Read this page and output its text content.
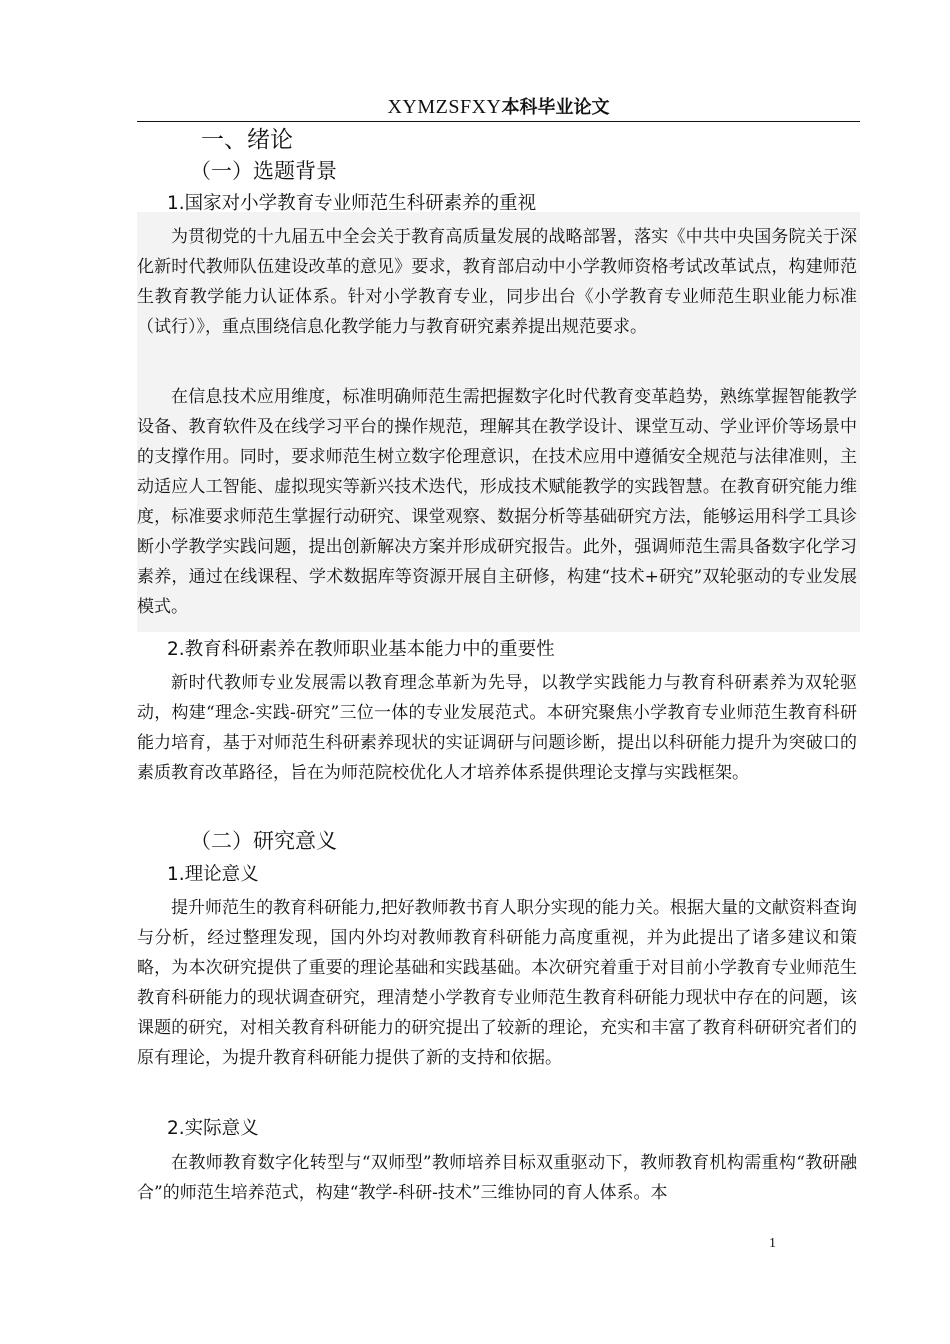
XYMZSFXY本科毕业论文
一、绪论
（一）选题背景
1.国家对小学教育专业师范生科研素养的重视

为贯彻党的十九届五中全会关于教育高质量发展的战略部署，落实《中共中央国务院关于深化新时代教师队伍建设改革的意见》要求，教育部启动中小学教师资格考试改革试点，构建师范生教育教学能力认证体系。针对小学教育专业，同步出台《小学教育专业师范生职业能力标准（试行）》，重点围绕信息化教学能力与教育研究素养提出规范要求。

在信息技术应用维度，标准明确师范生需把握数字化时代教育变革趋势，熟练掌握智能教学设备、教育软件及在线学习平台的操作规范，理解其在教学设计、课堂互动、学业评价等场景中的支撑作用。同时，要求师范生树立数字伦理意识，在技术应用中遵循安全规范与法律准则，主动适应人工智能、虚拟现实等新兴技术迭代，形成技术赋能教学的实践智慧。在教育研究能力维度，标准要求师范生掌握行动研究、课堂观察、数据分析等基础研究方法，能够运用科学工具诊断小学教学实践问题，提出创新解决方案并形成研究报告。此外，强调师范生需具备数字化学习素养，通过在线课程、学术数据库等资源开展自主研修，构建“技术+研究”双轮驱动的专业发展模式。

2.教育科研素养在教师职业基本能力中的重要性

新时代教师专业发展需以教育理念革新为先导，以教学实践能力与教育科研素养为双轮驱动，构建“理念-实践-研究”三位一体的专业发展范式。本研究聚焦小学教育专业师范生教育科研能力培育，基于对师范生科研素养现状的实证调研与问题诊断，提出以科研能力提升为突破口的素质教育改革路径，旨在为师范院校优化人才培养体系提供理论支撑与实践框架。

（二）研究意义
1.理论意义

提升师范生的教育科研能力,把好教师教书育人职分实现的能力关。根据大量的文献资料查询与分析，经过整理发现，国内外均对教师教育科研能力高度重视，并为此提出了诸多建议和策略，为本次研究提供了重要的理论基础和实践基础。本次研究着重于对目前小学教育专业师范生教育科研能力的现状调查研究，理清楚小学教育专业师范生教育科研能力现状中存在的问题，该课题的研究，对相关教育科研能力的研究提出了较新的理论，充实和丰富了教育科研研究者们的原有理论，为提升教育科研能力提供了新的支持和依据。

2.实际意义

在教师教育数字化转型与“双师型”教师培养目标双重驱动下，教师教育机构需重构“教研融合”的师范生培养范式，构建“教学-科研-技术”三维协同的育人体系。本

1
